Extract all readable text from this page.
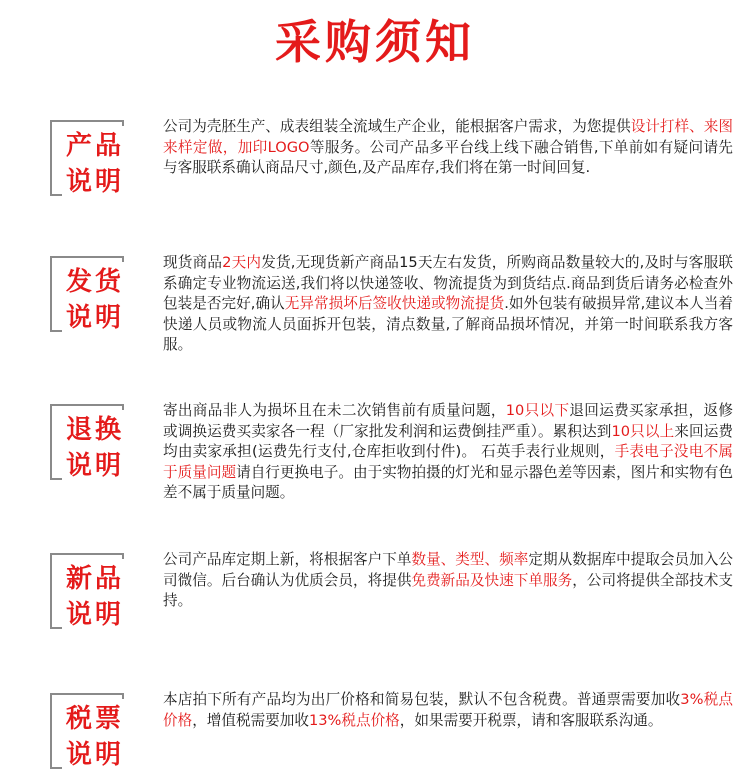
采购须知
产品
说明
公司为壳胚生产、成表组装全流域生产企业，能根据客户需求，为您提供设计打样、来图来样定做，加印LOGO等服务。公司产品多平台线上线下融合销售,下单前如有疑问请先与客服联系确认商品尺寸,颜色,及产品库存,我们将在第一时间回复.
发货
说明
现货商品2天内发货,无现货新产商品15天左右发货，所购商品数量较大的,及时与客服联系确定专业物流运送,我们将以快递签收、物流提货为到货结点.商品到货后请务必检查外包装是否完好,确认无异常损坏后签收快递或物流提货.如外包装有破损异常,建议本人当着快递人员或物流人员面拆开包装，清点数量,了解商品损坏情况，并第一时间联系我方客服。
退换
说明
寄出商品非人为损坏且在未二次销售前有质量问题，10只以下退回运费买家承担，返修或调换运费买卖家各一程（厂家批发利润和运费倒挂严重）。累积达到10只以上来回运费均由卖家承担(运费先行支付,仓库拒收到付件)。 石英手表行业规则，手表电子没电不属于质量问题请自行更换电子。由于实物拍摄的灯光和显示器色差等因素，图片和实物有色差不属于质量问题。
新品
说明
公司产品库定期上新，将根据客户下单数量、类型、频率定期从数据库中提取会员加入公司微信。后台确认为优质会员，将提供免费新品及快速下单服务，公司将提供全部技术支持。
税票
说明
本店拍下所有产品均为出厂价格和简易包装，默认不包含税费。普通票需要加收3%税点价格，增值税需要加收13%税点价格，如果需要开税票，请和客服联系沟通。
